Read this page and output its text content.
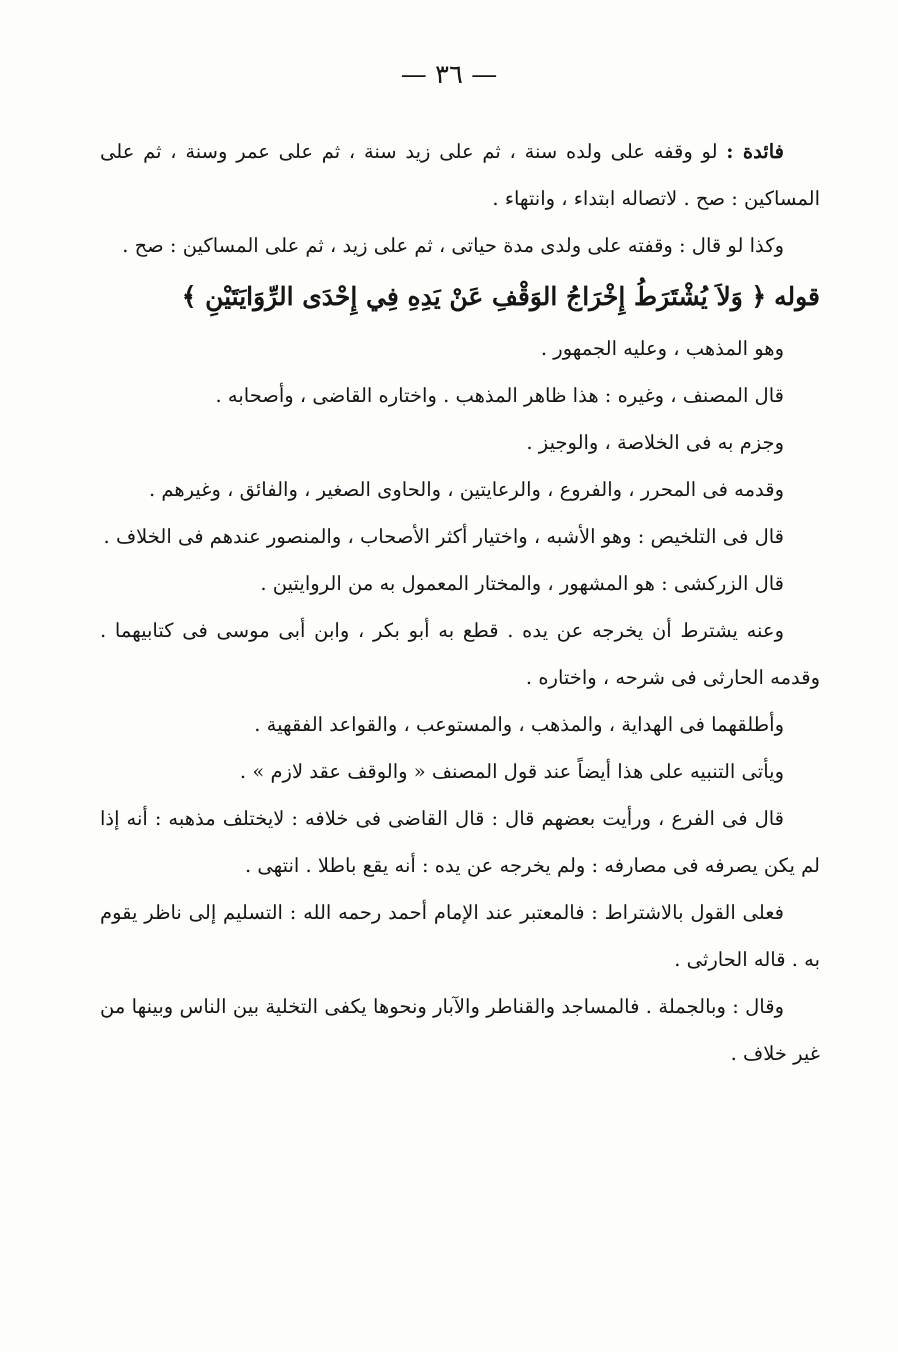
— ٣٦ —

فائدة : لو وقفه على ولده سنة ، ثم على زيد سنة ، ثم على عمر وسنة ، ثم على المساكين : صح . لاتصاله ابتداء ، وانتهاء .

وكذا لو قال : وقفته على ولدى مدة حياتى ، ثم على زيد ، ثم على المساكين : صح .

قوله ﴿ وَلاَ يُشْتَرَطُ إِخْرَاجُ الوَقْفِ عَنْ يَدِهِ فِي إِحْدَى الرِّوَايَتَيْنِ ﴾

وهو المذهب ، وعليه الجمهور .

قال المصنف ، وغيره : هذا ظاهر المذهب . واختاره القاضى ، وأصحابه .

وجزم به فى الخلاصة ، والوجيز .

وقدمه فى المحرر ، والفروع ، والرعايتين ، والحاوى الصغير ، والفائق ، وغيرهم .

قال فى التلخيص : وهو الأشبه ، واختيار أكثر الأصحاب ، والمنصور عندهم فى الخلاف .

قال الزركشى : هو المشهور ، والمختار المعمول به من الروايتين .

وعنه يشترط أن يخرجه عن يده . قطع به أبو بكر ، وابن أبى موسى فى كتابيهما . وقدمه الحارثى فى شرحه ، واختاره .

وأطلقهما فى الهداية ، والمذهب ، والمستوعب ، والقواعد الفقهية .

ويأتى التنبيه على هذا أيضاً عند قول المصنف « والوقف عقد لازم » .

قال فى الفرع ، ورأيت بعضهم قال : قال القاضى فى خلافه : لايختلف مذهبه : أنه إذا لم يكن يصرفه فى مصارفه : ولم يخرجه عن يده : أنه يقع باطلا . انتهى .

فعلى القول بالاشتراط : فالمعتبر عند الإمام أحمد رحمه الله : التسليم إلى ناظر يقوم به . قاله الحارثى .

وقال : وبالجملة . فالمساجد والقناطر والآبار ونحوها يكفى التخلية بين الناس وبينها من غير خلاف .
